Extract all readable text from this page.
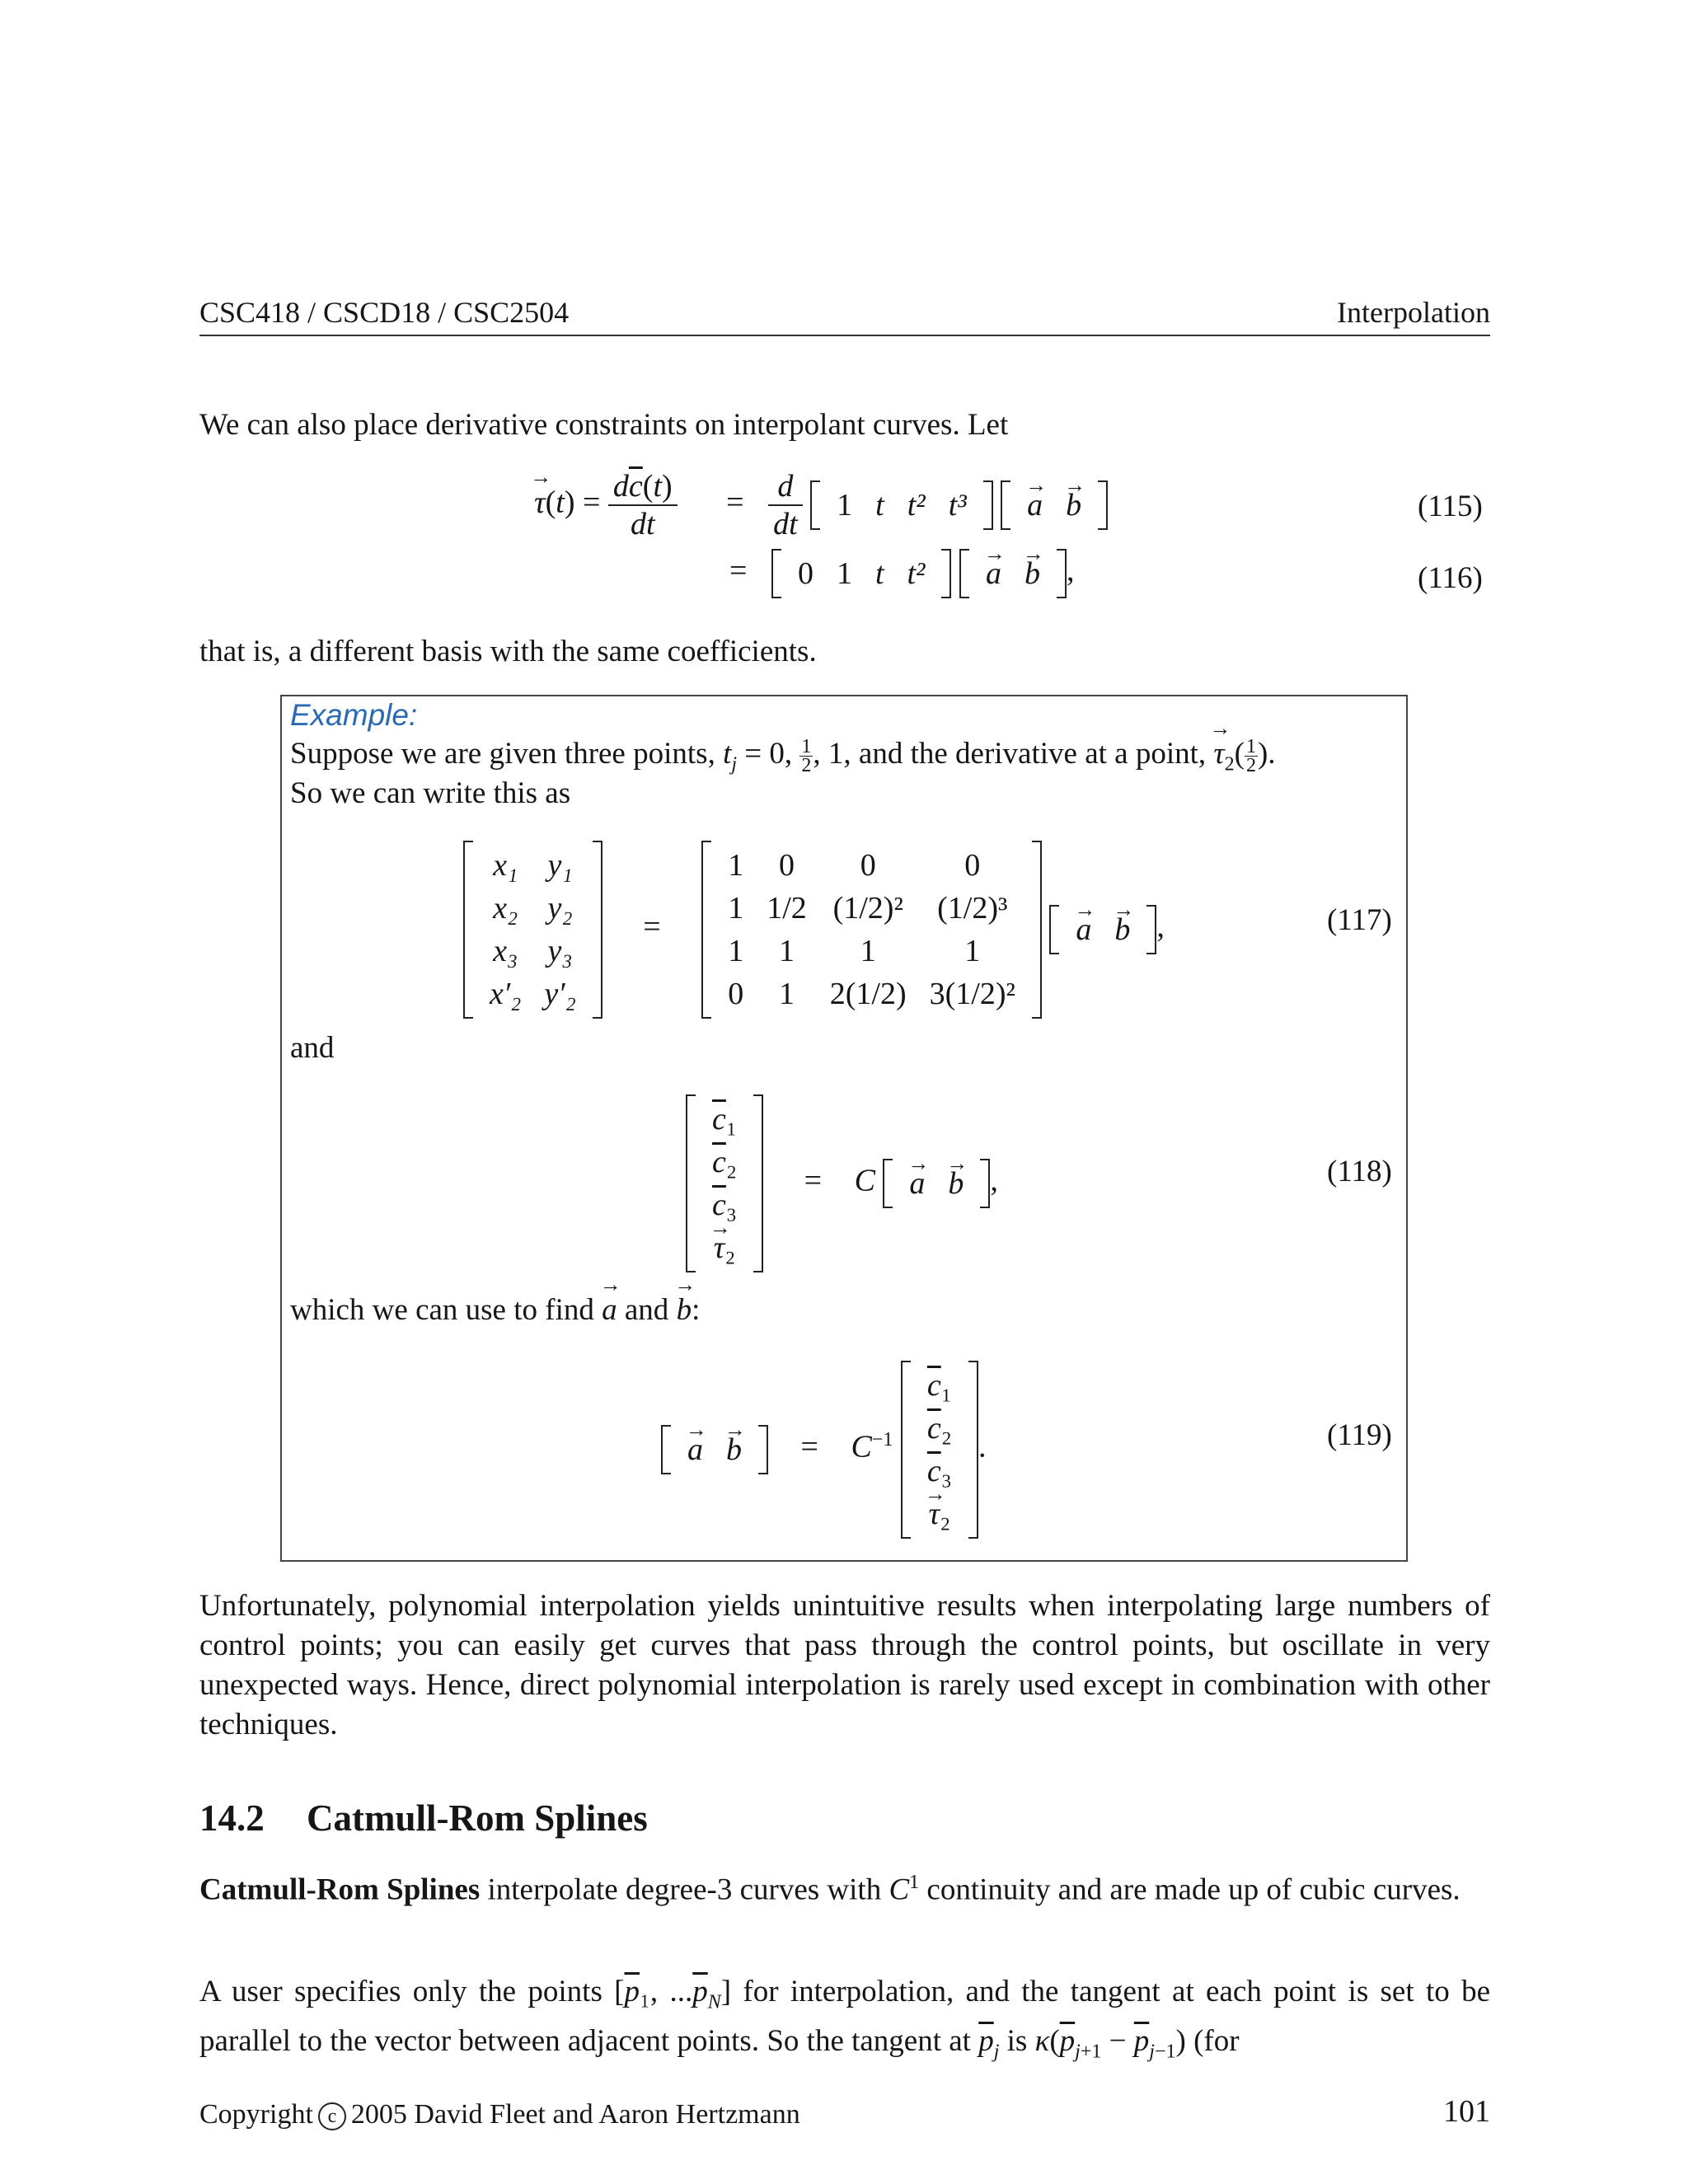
CSC418 / CSCD18 / CSC2504	Interpolation
We can also place derivative constraints on interpolant curves. Let
$\tau \to(t) = \frac{d\overline{c}(t)}{dt} = \frac{d}{dt}$
1	t	t²	t³
a →	b →	(115)
= 0	1	t	t²
a →	b → ,	(116)
that is, a different basis with the same coefficients.
Example:
Suppose we are given three points, $t_j = 0$, $\frac{1}{2}$ , 1, and the derivative at a point, $\tau \to_2( \frac{1}{2}$ ).
So we can write this as
x₁	y₁
x₂	y₂
x₃	y₃
x′₂	y′₂
=
1	0	0	0
1	1/2	(1/2)²	(1/2)³
1	1	1	1
0	1	2(1/2)	3(1/2)²

a →	b → ,	(117)
and
$\overline{c}_1$
$\overline{c}_2$
$\overline{c}_3$
τ →₂
= C a →	b → ,	(118)
which we can use to find a → and b →:
a →	b → = $C^{-1}$
$\overline{c}_1$
$\overline{c}_2$
$\overline{c}_3$
τ →₂
.	(119)
Unfortunately, polynomial interpolation yields unintuitive results when interpolating large numbers of control points; you can easily get curves that pass through the control points, but oscillate in very unexpected ways. Hence, direct polynomial interpolation is rarely used except in combination with other techniques.
14.2 Catmull-Rom Splines
Catmull-Rom Splines interpolate degree-3 curves with $C^1$ continuity and are made up of cubic curves.
A user specifies only the points [$\overline{p}_1$, $...\overline{p}_N$] for interpolation, and the tangent at each point is set to be parallel to the vector between adjacent points. So the tangent at $\overline{p}_j$ is $\kappa(\overline{p}_{j+1} - \overline{p}_{j-1})$ (for
Copyright c 2005 David Fleet and Aaron Hertzmann	101
